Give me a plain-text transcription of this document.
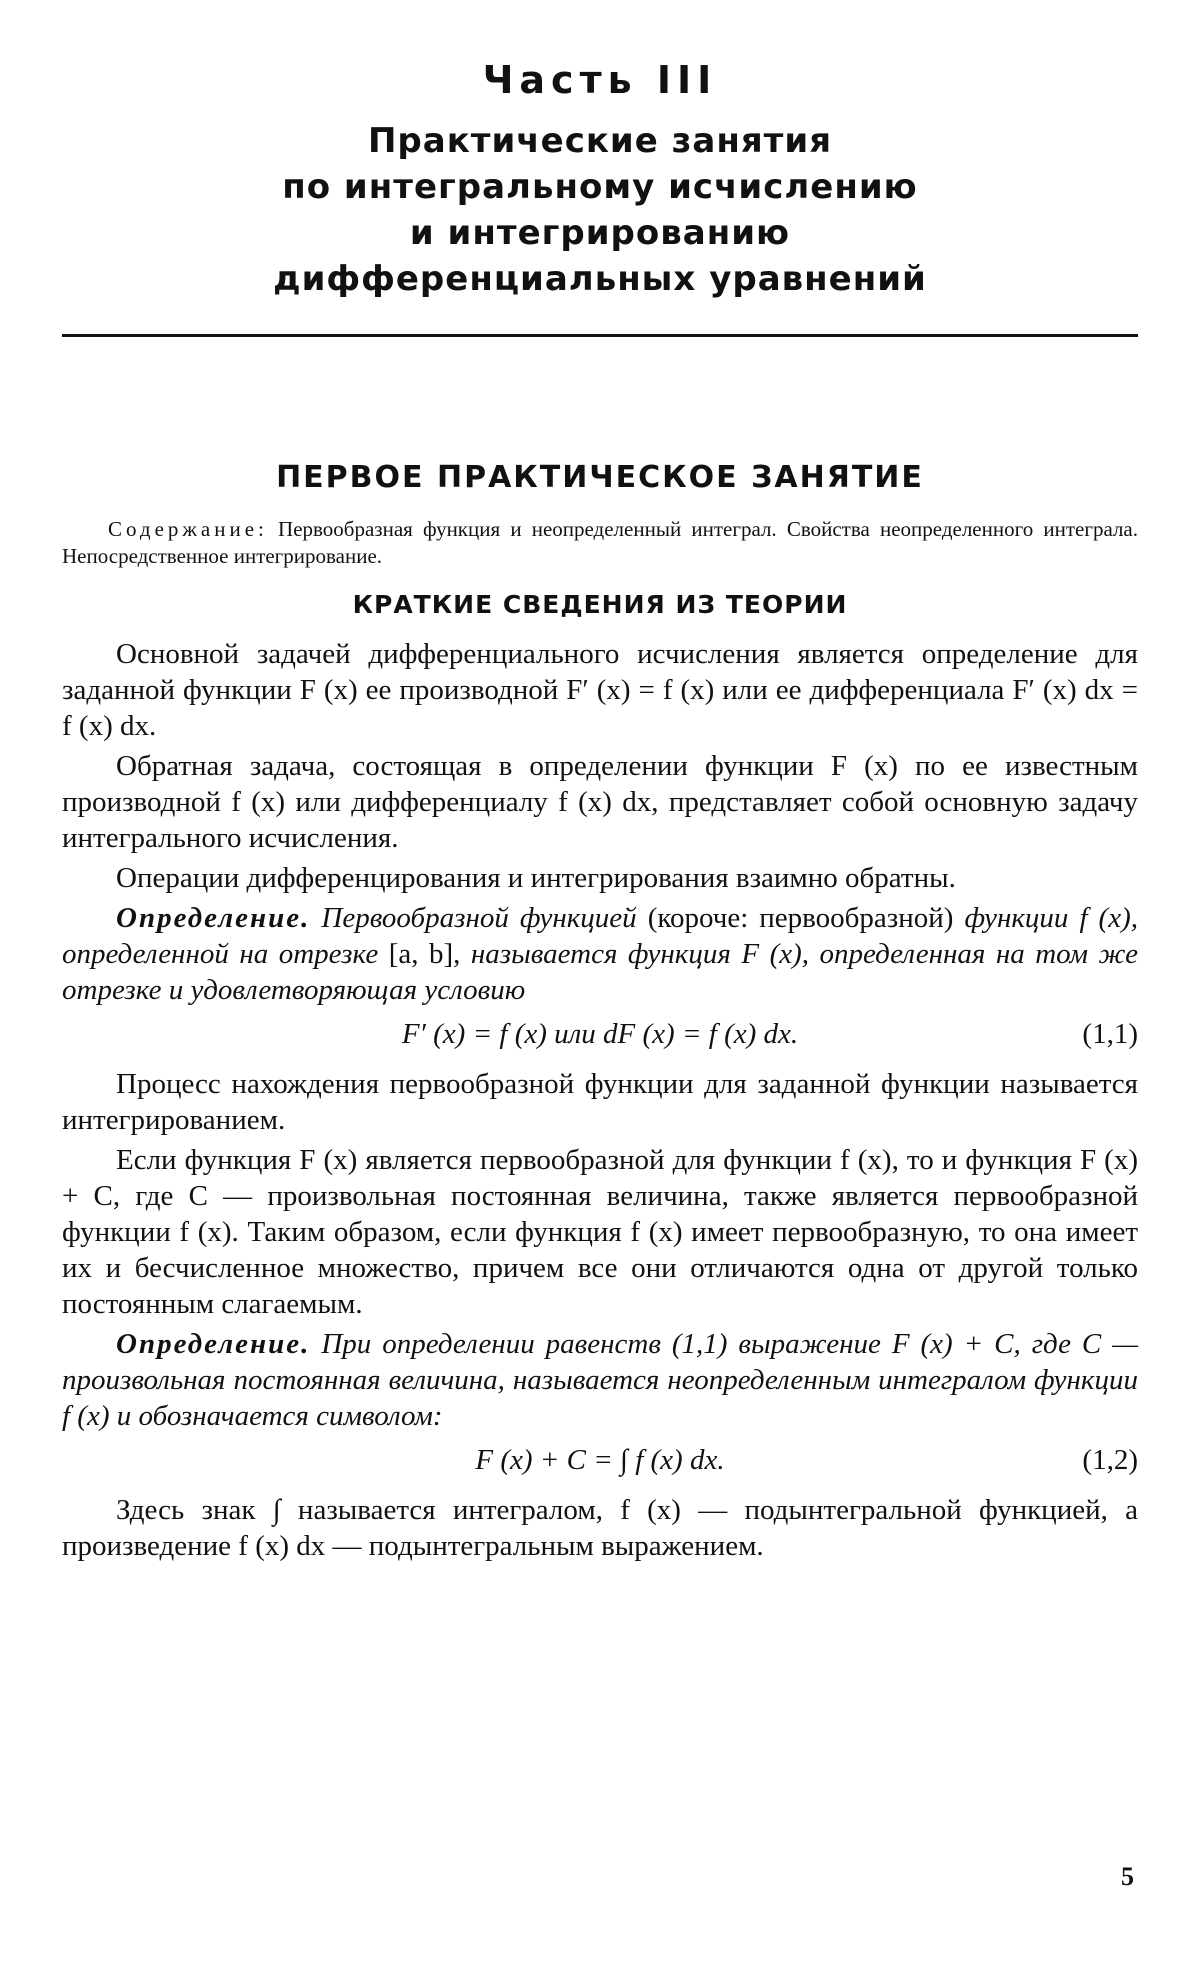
Часть III
Практические занятия
по интегральному исчислению
и интегрированию
дифференциальных уравнений
ПЕРВОЕ ПРАКТИЧЕСКОЕ ЗАНЯТИЕ
Содержание: Первообразная функция и неопределенный интеграл. Свойства неопределенного интеграла. Непосредственное интегрирование.
КРАТКИЕ СВЕДЕНИЯ ИЗ ТЕОРИИ

Основной задачей дифференциального исчисления является определение для заданной функции F (x) ее производной F′ (x) = f (x) или ее дифференциала F′ (x) dx = f (x) dx.

Обратная задача, состоящая в определении функции F (x) по ее известным производной f (x) или дифференциалу f (x) dx, представляет собой основную задачу интегрального исчисления.

Операции дифференцирования и интегрирования взаимно обратны.

Определение. Первообразной функцией (короче: первообразной) функции f (x), определенной на отрезке [a, b], называется функция F (x), определенная на том же отрезке и удовлетворяющая условию

F′ (x) = f (x) или dF (x) = f (x) dx.	(1,1)

Процесс нахождения первообразной функции для заданной функции называется интегрированием.

Если функция F (x) является первообразной для функции f (x), то и функция F (x) + C, где C — произвольная постоянная величина, также является первообразной функции f (x). Таким образом, если функция f (x) имеет первообразную, то она имеет их и бесчисленное множество, причем все они отличаются одна от другой только постоянным слагаемым.

Определение. При определении равенств (1,1) выражение F (x) + C, где C — произвольная постоянная величина, называется неопределенным интегралом функции f (x) и обозначается символом:

F (x) + C = ∫ f (x) dx.	(1,2)

Здесь знак ∫ называется интегралом, f (x) — подынтегральной функцией, а произведение f (x) dx — подынтегральным выражением.

5
